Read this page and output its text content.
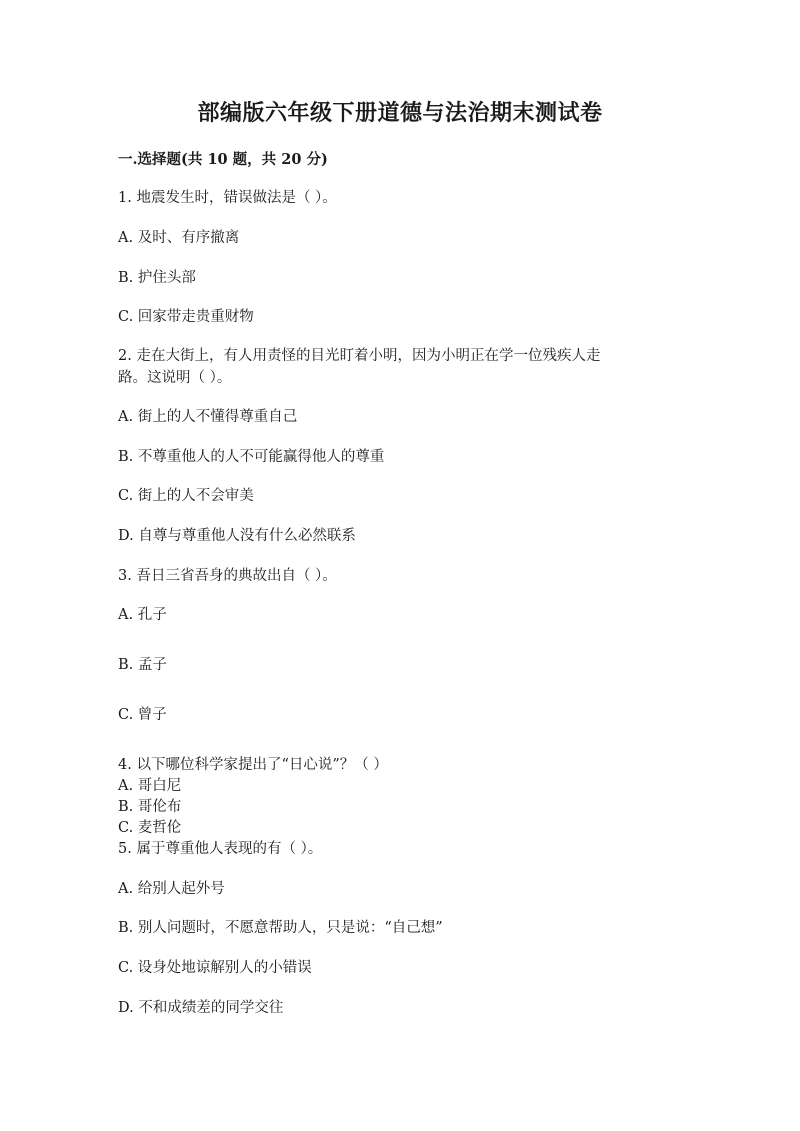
部编版六年级下册道德与法治期末测试卷
一.选择题(共 10 题，共 20 分)
1. 地震发生时，错误做法是（ ）。
A. 及时、有序撤离
B. 护住头部
C. 回家带走贵重财物
2. 走在大街上，有人用责怪的目光盯着小明，因为小明正在学一位残疾人走
路。这说明（ ）。
A. 街上的人不懂得尊重自己
B. 不尊重他人的人不可能赢得他人的尊重
C. 街上的人不会审美
D. 自尊与尊重他人没有什么必然联系
3. 吾日三省吾身的典故出自（ ）。
A. 孔子
B. 孟子
C. 曾子
4. 以下哪位科学家提出了“日心说”？（ ）
A. 哥白尼
B. 哥伦布
C. 麦哲伦
5. 属于尊重他人表现的有（ ）。
A. 给别人起外号
B. 别人问题时，不愿意帮助人，只是说：“自己想”
C. 设身处地谅解别人的小错误
D. 不和成绩差的同学交往
